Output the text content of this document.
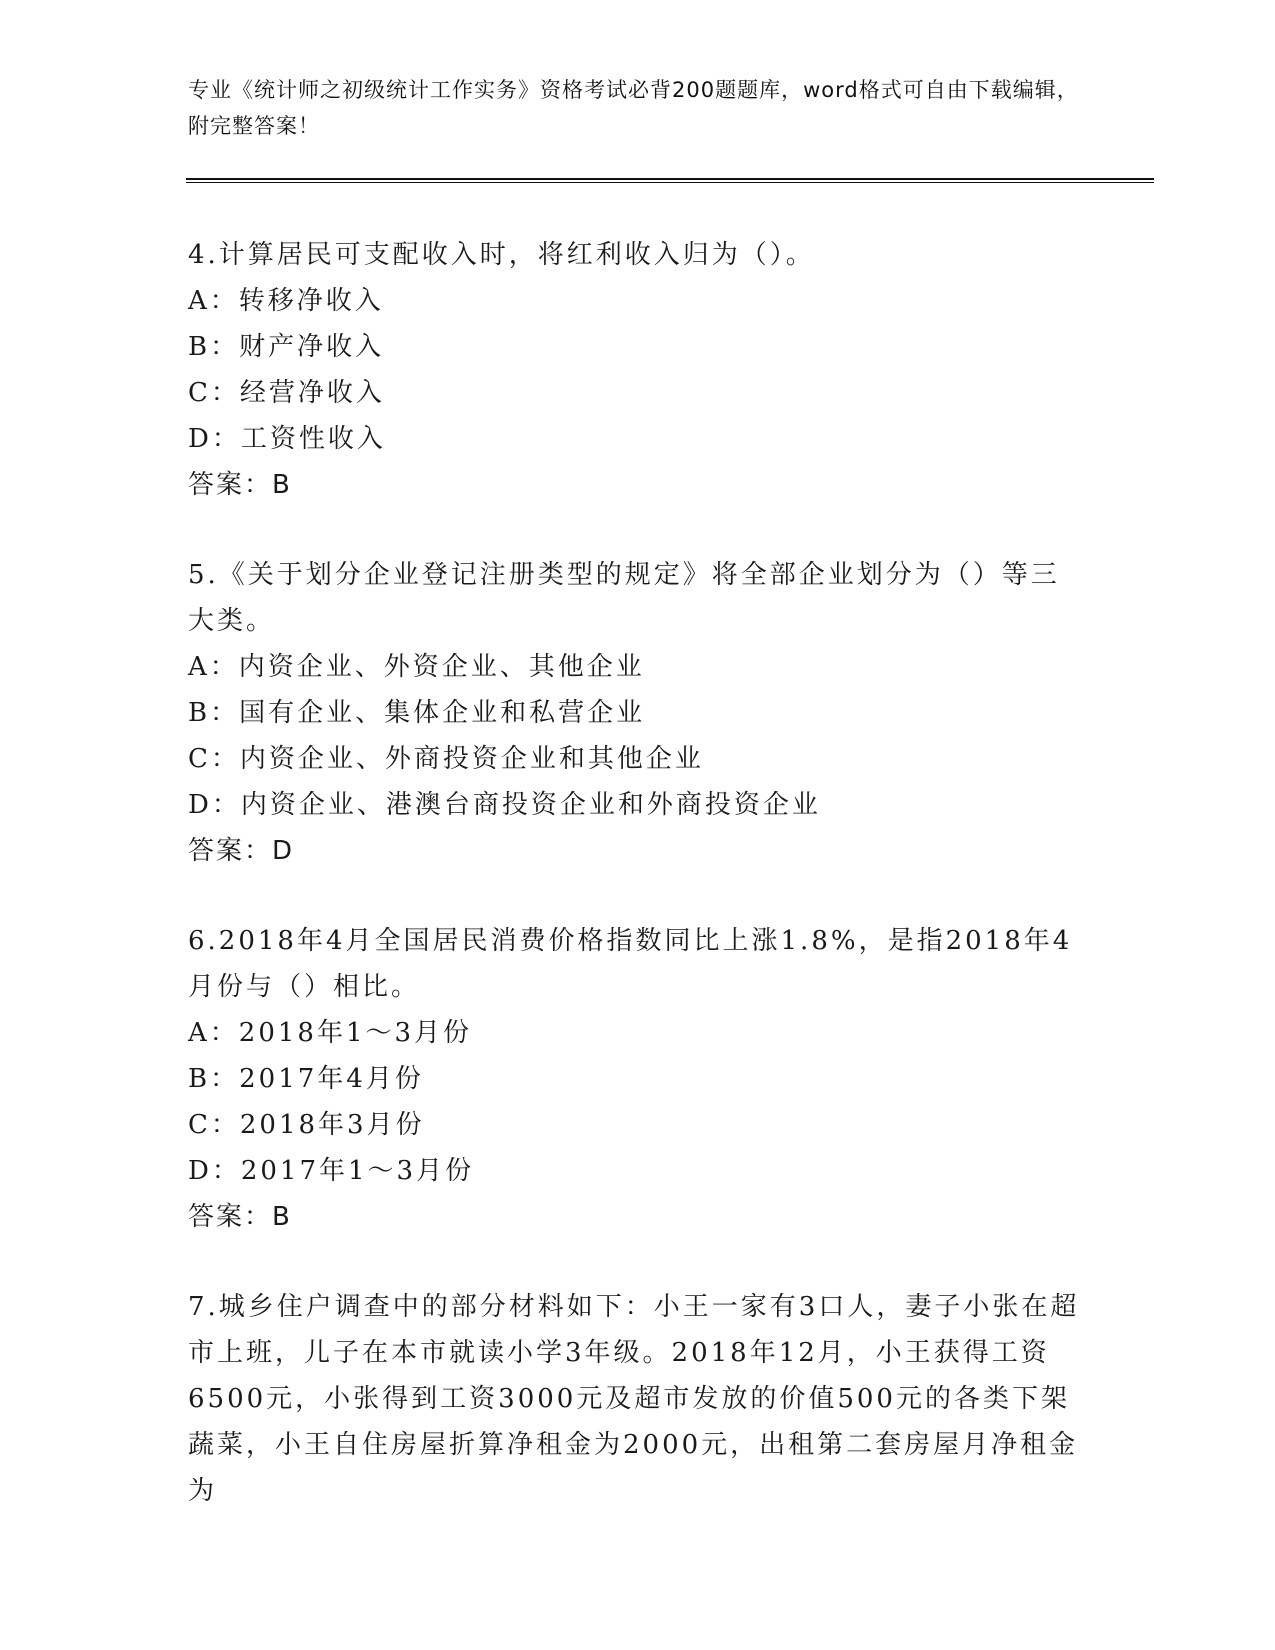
专业《统计师之初级统计工作实务》资格考试必背200题题库，word格式可自由下载编辑，附完整答案！
4.计算居民可支配收入时，将红利收入归为（）。
A：转移净收入
B：财产净收入
C：经营净收入
D：工资性收入
答案：B
5.《关于划分企业登记注册类型的规定》将全部企业划分为（）等三大类。
A：内资企业、外资企业、其他企业
B：国有企业、集体企业和私营企业
C：内资企业、外商投资企业和其他企业
D：内资企业、港澳台商投资企业和外商投资企业
答案：D
6.2018年4月全国居民消费价格指数同比上涨1.8%，是指2018年4月份与（）相比。
A：2018年1～3月份
B：2017年4月份
C：2018年3月份
D：2017年1～3月份
答案：B
7.城乡住户调查中的部分材料如下：小王一家有3口人，妻子小张在超市上班，儿子在本市就读小学3年级。2018年12月，小王获得工资6500元，小张得到工资3000元及超市发放的价值500元的各类下架蔬菜，小王自住房屋折算净租金为2000元，出租第二套房屋月净租金为
